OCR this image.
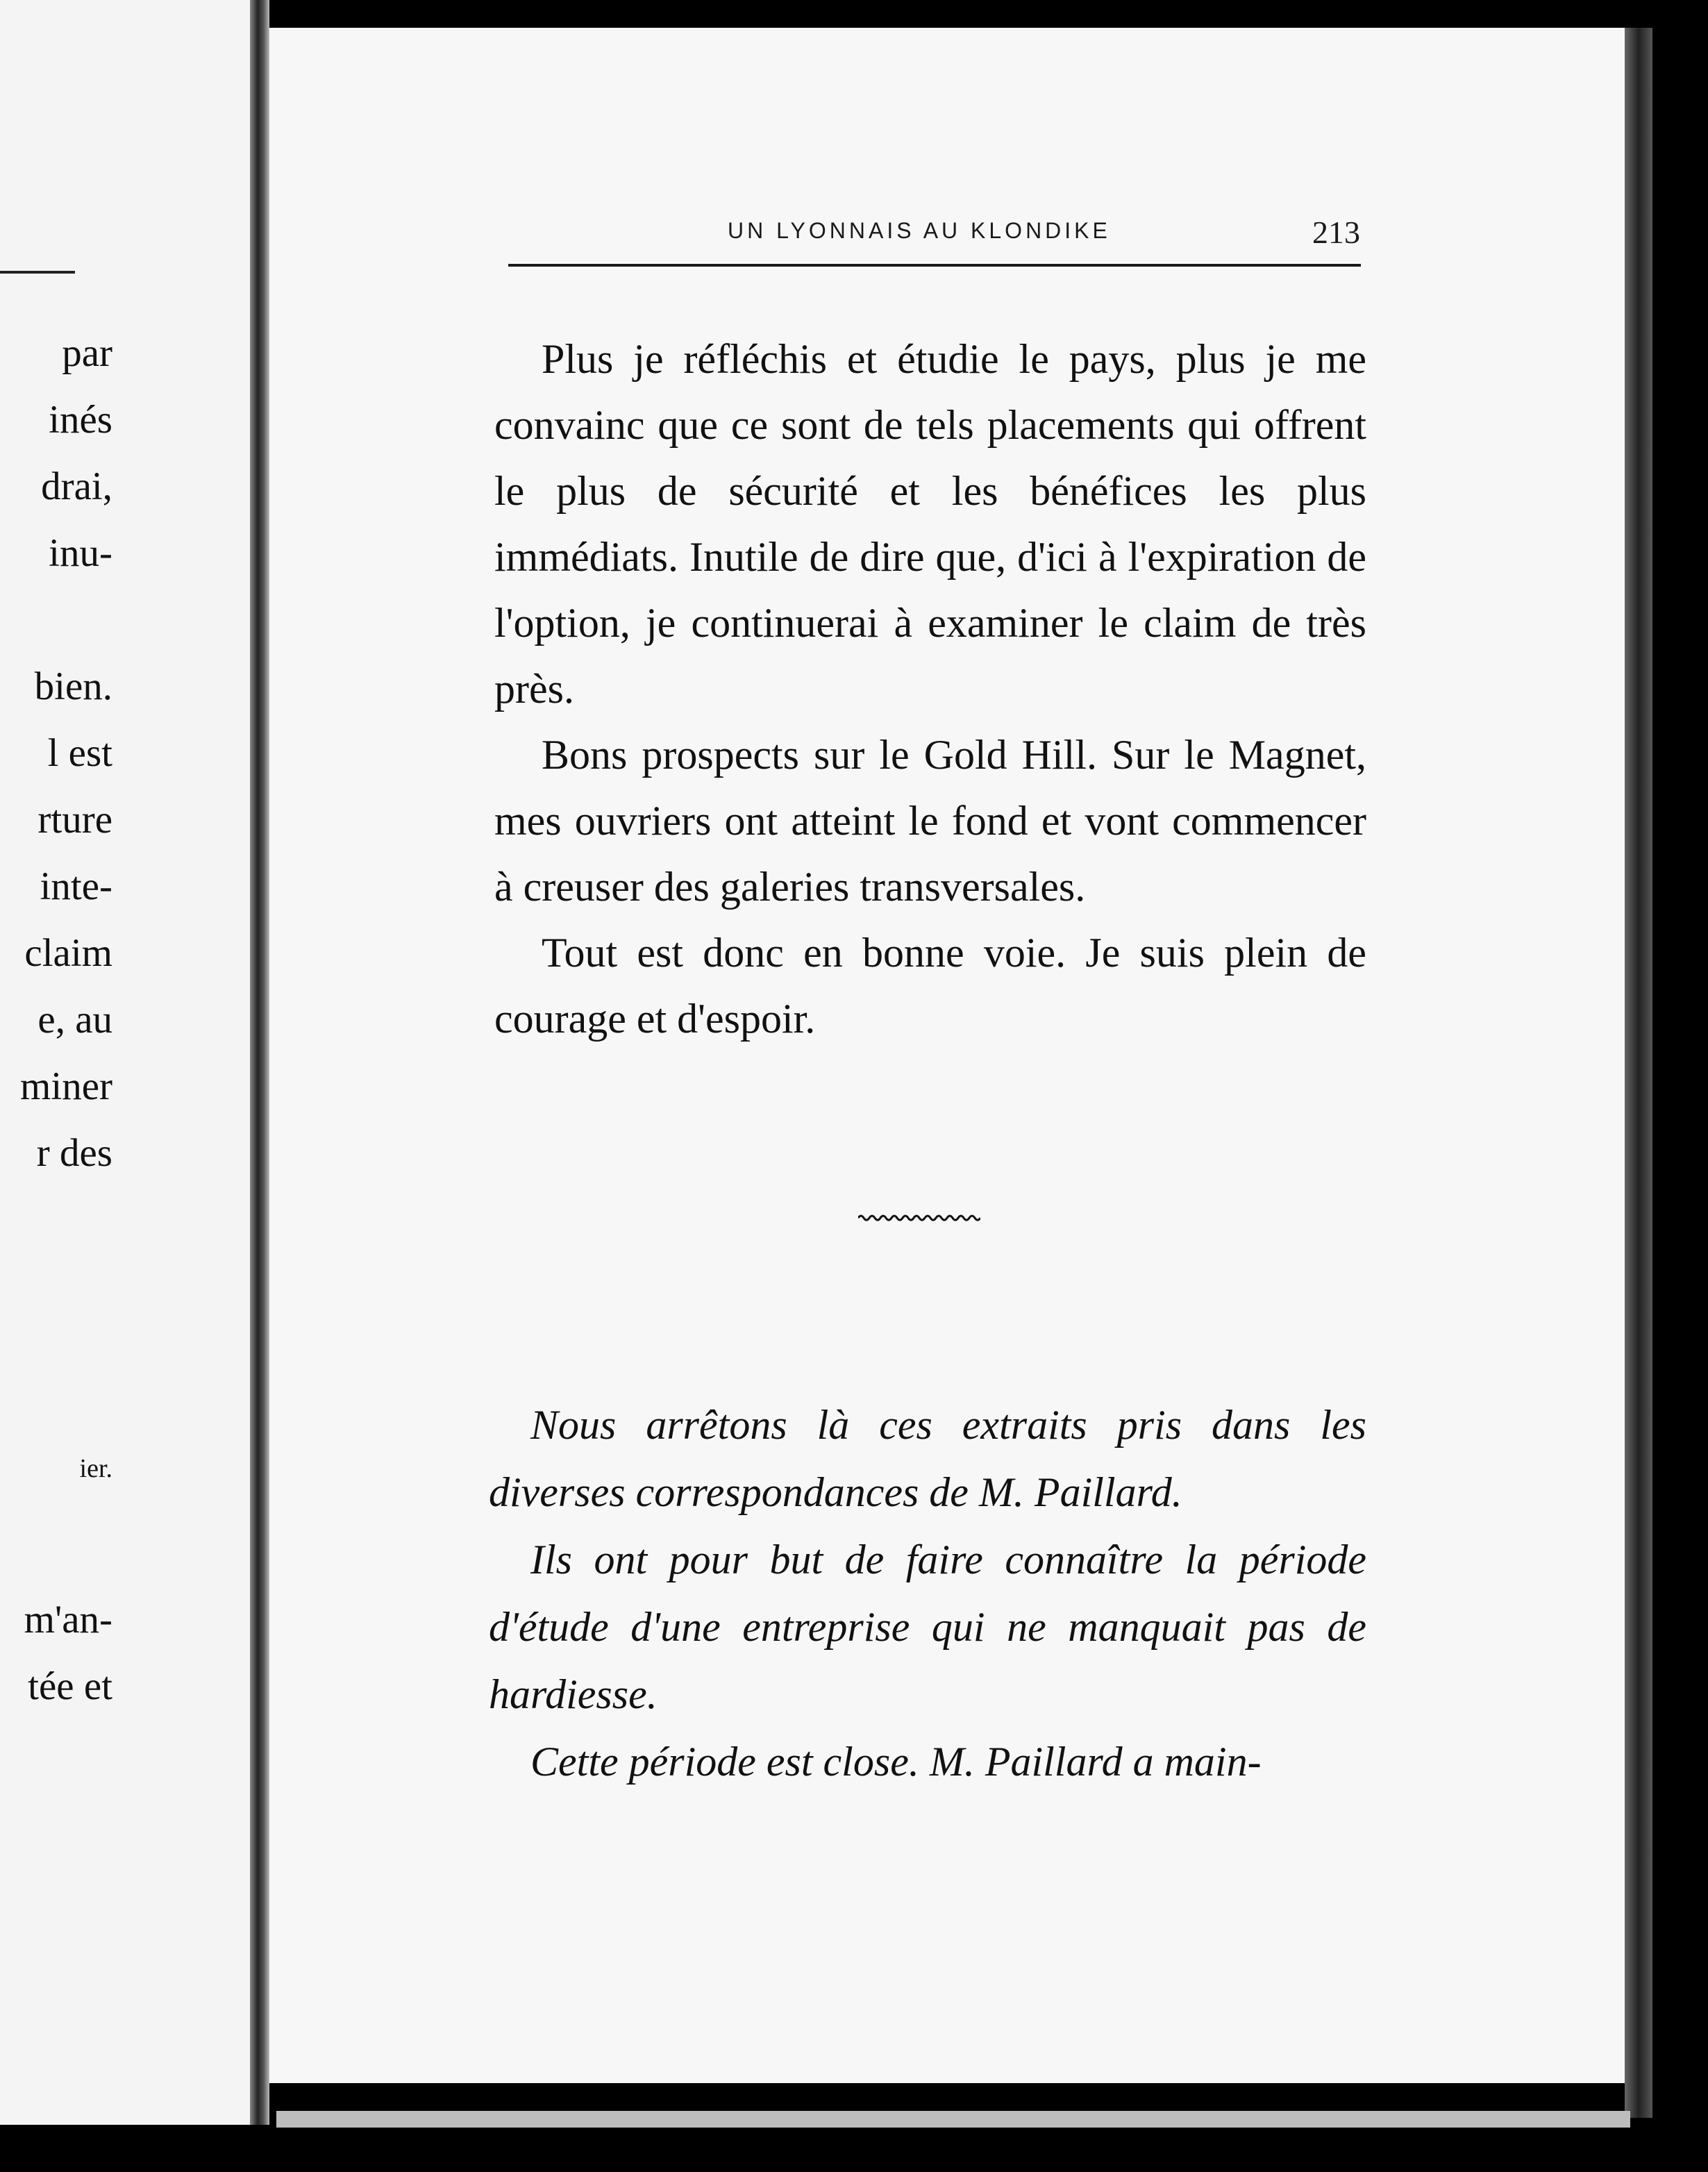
par
inés
drai,
inu-
bien.
l est
rture
inte-
claim
e, au
miner
r des
ier.
m'an-
tée et
UN LYONNAIS AU KLONDIKE	213

Plus je réfléchis et étudie le pays, plus je me convainc que ce sont de tels placements qui offrent le plus de sécurité et les bénéfices les plus immédiats. Inutile de dire que, d'ici à l'expiration de l'option, je continuerai à examiner le claim de très près.

Bons prospects sur le Gold Hill. Sur le Magnet, mes ouvriers ont atteint le fond et vont commencer à creuser des galeries transversales.

Tout est donc en bonne voie. Je suis plein de courage et d'espoir.

Nous arrêtons là ces extraits pris dans les diverses correspondances de M. Paillard.

Ils ont pour but de faire connaître la période d'étude d'une entreprise qui ne manquait pas de hardiesse.

Cette période est close. M. Paillard a main-
